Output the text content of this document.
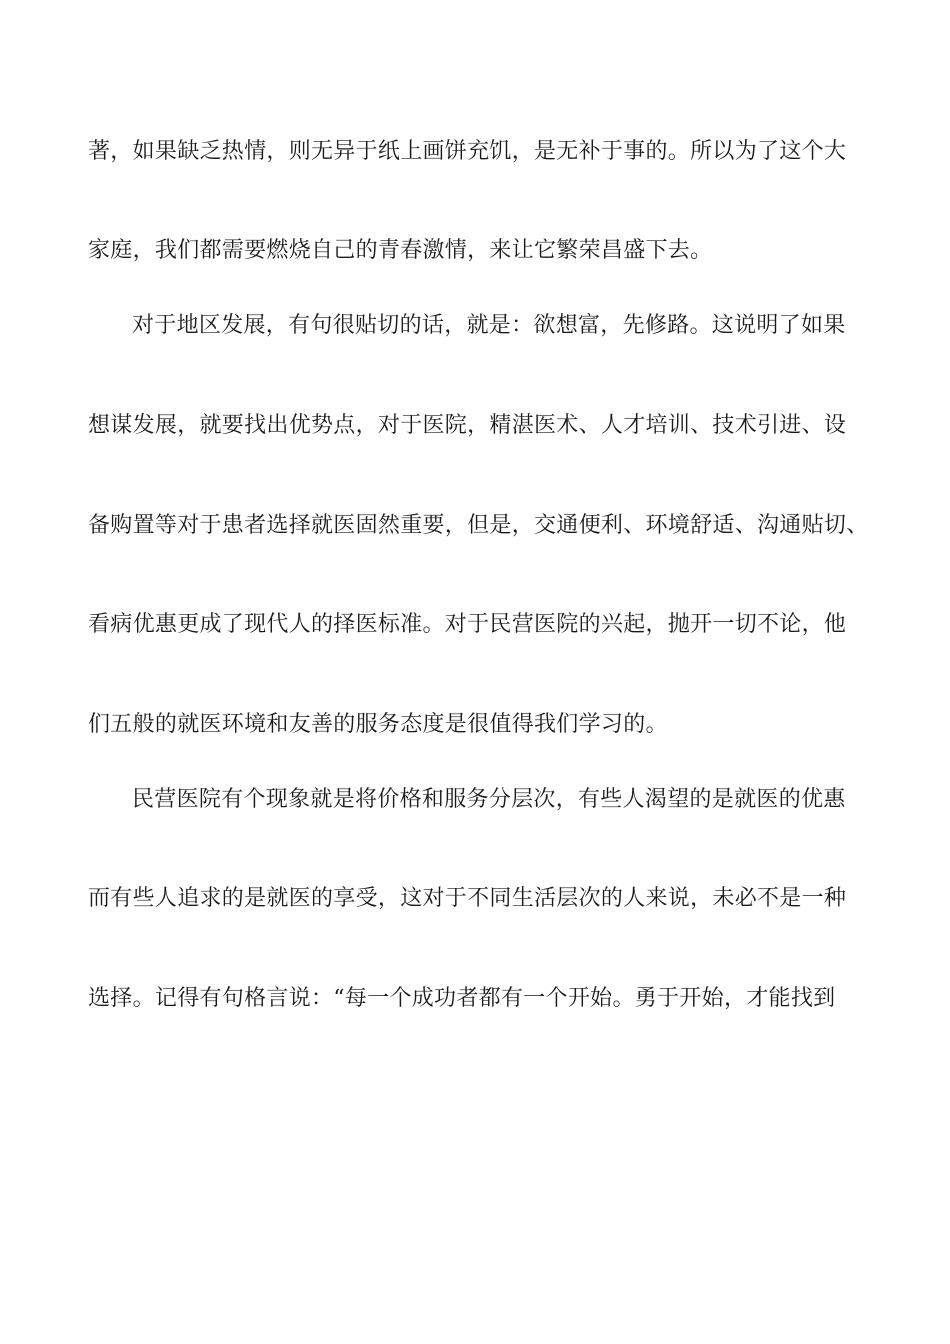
著，如果缺乏热情，则无异于纸上画饼充饥，是无补于事的。所以为了这个大
家庭，我们都需要燃烧自己的青春激情，来让它繁荣昌盛下去。
对于地区发展，有句很贴切的话，就是：欲想富，先修路。这说明了如果
想谋发展，就要找出优势点，对于医院，精湛医术、人才培训、技术引进、设
备购置等对于患者选择就医固然重要，但是，交通便利、环境舒适、沟通贴切、
看病优惠更成了现代人的择医标准。对于民营医院的兴起，抛开一切不论，他
们五般的就医环境和友善的服务态度是很值得我们学习的。
民营医院有个现象就是将价格和服务分层次，有些人渴望的是就医的优惠
而有些人追求的是就医的享受，这对于不同生活层次的人来说，未必不是一种
选择。记得有句格言说：“每一个成功者都有一个开始。勇于开始，才能找到
